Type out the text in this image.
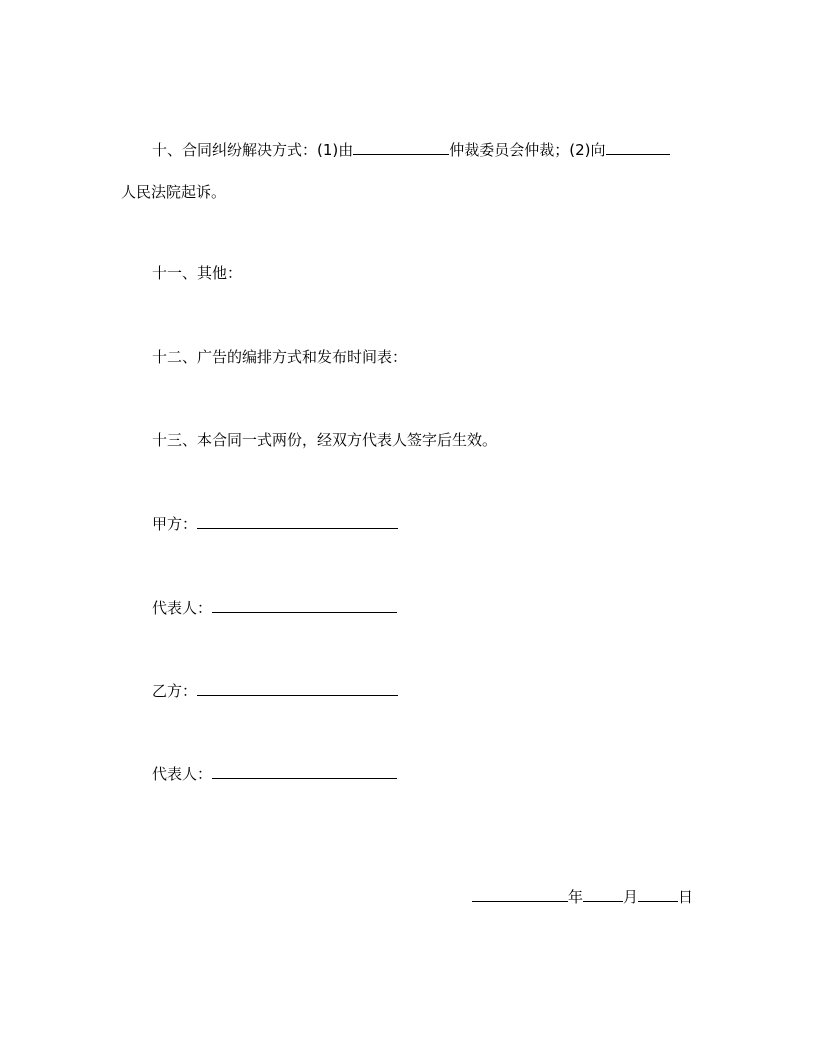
十、合同纠纷解决方式：(1)由	仲裁委员会仲裁；(2)向
人民法院起诉。
十一、其他：
十二、广告的编排方式和发布时间表：
十三、本合同一式两份，经双方代表人签字后生效。
甲方：
代表人：
乙方：
代表人：
年	月	日
